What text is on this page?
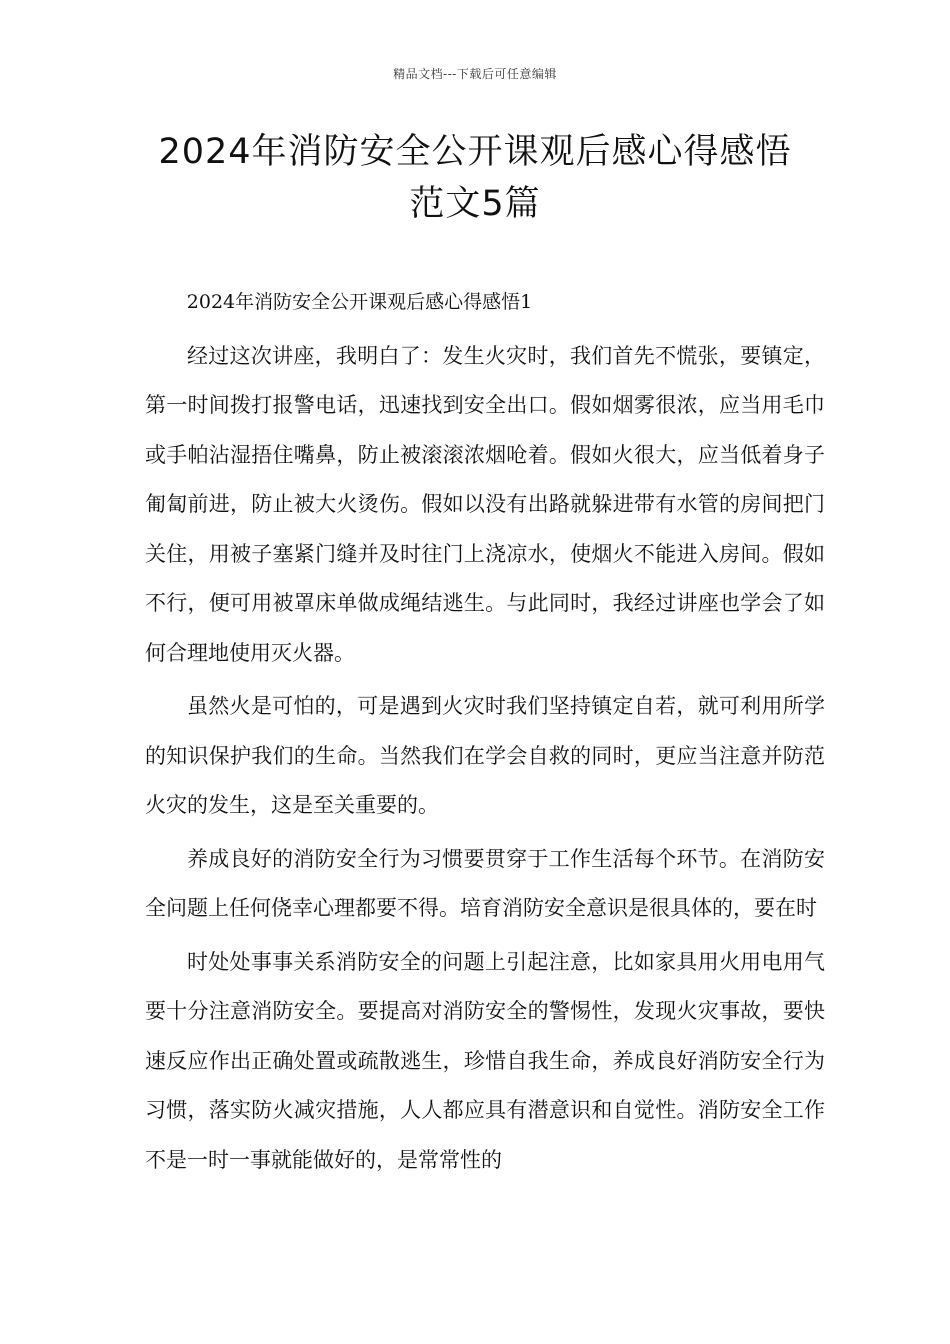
精品文档---下载后可任意编辑
2024年消防安全公开课观后感心得感悟
范文5篇

2024年消防安全公开课观后感心得感悟1

经过这次讲座，我明白了：发生火灾时，我们首先不慌张，要镇定，第一时间拨打报警电话，迅速找到安全出口。假如烟雾很浓，应当用毛巾或手帕沾湿捂住嘴鼻，防止被滚滚浓烟呛着。假如火很大，应当低着身子匍匐前进，防止被大火烫伤。假如以没有出路就躲进带有水管的房间把门关住，用被子塞紧门缝并及时往门上浇凉水，使烟火不能进入房间。假如不行，便可用被罩床单做成绳结逃生。与此同时，我经过讲座也学会了如何合理地使用灭火器。

虽然火是可怕的，可是遇到火灾时我们坚持镇定自若，就可利用所学的知识保护我们的生命。当然我们在学会自救的同时，更应当注意并防范火灾的发生，这是至关重要的。

养成良好的消防安全行为习惯要贯穿于工作生活每个环节。在消防安全问题上任何侥幸心理都要不得。培育消防安全意识是很具体的，要在时

时处处事事关系消防安全的问题上引起注意，比如家具用火用电用气要十分注意消防安全。要提高对消防安全的警惕性，发现火灾事故，要快速反应作出正确处置或疏散逃生，珍惜自我生命，养成良好消防安全行为习惯，落实防火减灾措施，人人都应具有潜意识和自觉性。消防安全工作不是一时一事就能做好的，是常常性的
